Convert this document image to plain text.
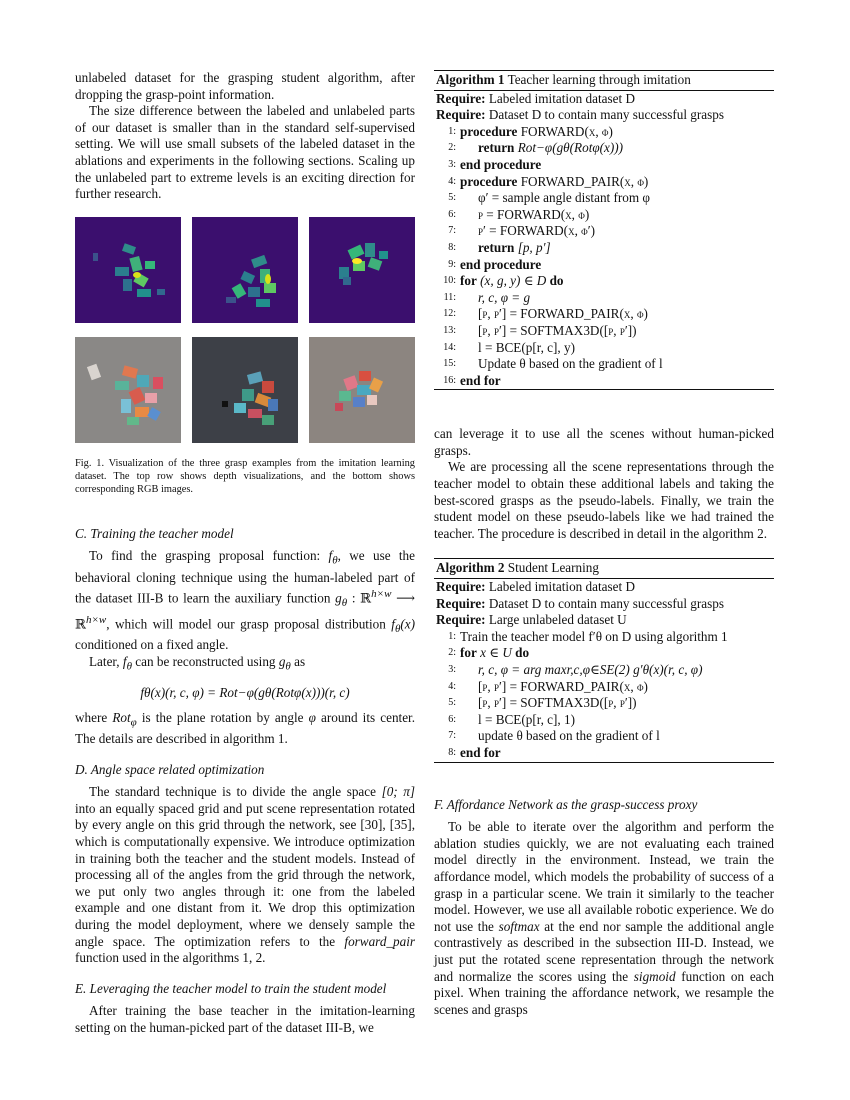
unlabeled dataset for the grasping student algorithm, after dropping the grasp-point information.

The size difference between the labeled and unlabeled parts of our dataset is smaller than in the standard self-supervised setting. We will use small subsets of the labeled dataset in the ablations and experiments in the following sections. Scaling up the unlabeled part to extreme levels is an exciting direction for further research.

Fig. 1. Visualization of the three grasp examples from the imitation learning dataset. The top row shows depth visualizations, and the bottom shows corresponding RGB images.
C. Training the teacher model

To find the grasping proposal function: $f_\theta$, we use the behavioral cloning technique using the human-labeled part of the dataset III-B to learn the auxiliary function $g_\theta$ : ℝ$^{h\times w}$ ⟶ ℝ$^{h\times w}$, which will model our grasp proposal distribution $f_\theta(x)$ conditioned on a fixed angle.

Later, $f_\theta$ can be reconstructed using $g_\theta$ as

fθ(x)(r, c, φ) = Rot−φ(gθ(Rotφ(x)))(r, c)

where Rot$_\varphi$ is the plane rotation by angle φ around its center. The details are described in algorithm 1.

D. Angle space related optimization

The standard technique is to divide the angle space [0; π] into an equally spaced grid and put scene representation rotated by every angle on this grid through the network, see [30], [35], which is computationally expensive. We introduce optimization in training both the teacher and the student models. Instead of processing all of the angles from the grid through the network, we put only two angles through it: one from the labeled example and one distant from it. We drop this optimization during the model deployment, where we densely sample the angle space. The optimization refers to the forward_pair function used in the algorithms 1, 2.

E. Leveraging the teacher model to train the student model

After training the base teacher in the imitation-learning setting on the human-picked part of the dataset III-B, we

Algorithm 1 Teacher learning through imitation
Require: Labeled imitation dataset D
Require: Dataset D to contain many successful grasps
1: procedure FORWARD(x, φ)
2:	return Rot−φ(gθ(Rotφ(x)))
3: end procedure
4: procedure FORWARD_PAIR(x, φ)
5:	φ′ = sample angle distant from φ
6:	p = FORWARD(x, φ)
7:	p′ = FORWARD(x, φ′)
8:	return [p, p′]
9: end procedure
10: for (x, g, y) ∈ D do
11:	r, c, φ = g
12:	[p, p′] = FORWARD_PAIR(x, φ)
13:	[p, p′] = SOFTMAX3D([p, p′])
14:	l = BCE(p[r, c], y)
15:	Update θ based on the gradient of l
16: end for

can leverage it to use all the scenes without human-picked grasps.

We are processing all the scene representations through the teacher model to obtain these additional labels and taking the best-scored grasps as the pseudo-labels. Finally, we train the student model on these pseudo-labels like we had trained the teacher. The procedure is described in detail in the algorithm 2.

Algorithm 2 Student Learning
Require: Labeled imitation dataset D
Require: Dataset D to contain many successful grasps
Require: Large unlabeled dataset U
1: Train the teacher model f′θ on D using algorithm 1
2: for x ∈ U do
3:	r, c, φ = arg maxr,c,φ∈SE(2) g′θ(x)(r, c, φ)
4:	[p, p′] = FORWARD_PAIR(x, φ)
5:	[p, p′] = SOFTMAX3D([p, p′])
6:	l = BCE(p[r, c], 1)
7:	update θ based on the gradient of l
8: end for
F. Affordance Network as the grasp-success proxy

To be able to iterate over the algorithm and perform the ablation studies quickly, we are not evaluating each trained model directly in the environment. Instead, we train the affordance model, which models the probability of success of a grasp in a particular scene. We train it similarly to the teacher model. However, we use all available robotic experience. We do not use the softmax at the end nor sample the additional angle contrastively as described in the subsection III-D. Instead, we just put the rotated scene representation through the network and normalize the scores using the sigmoid function on each pixel. When training the affordance network, we resample the scenes and grasps
